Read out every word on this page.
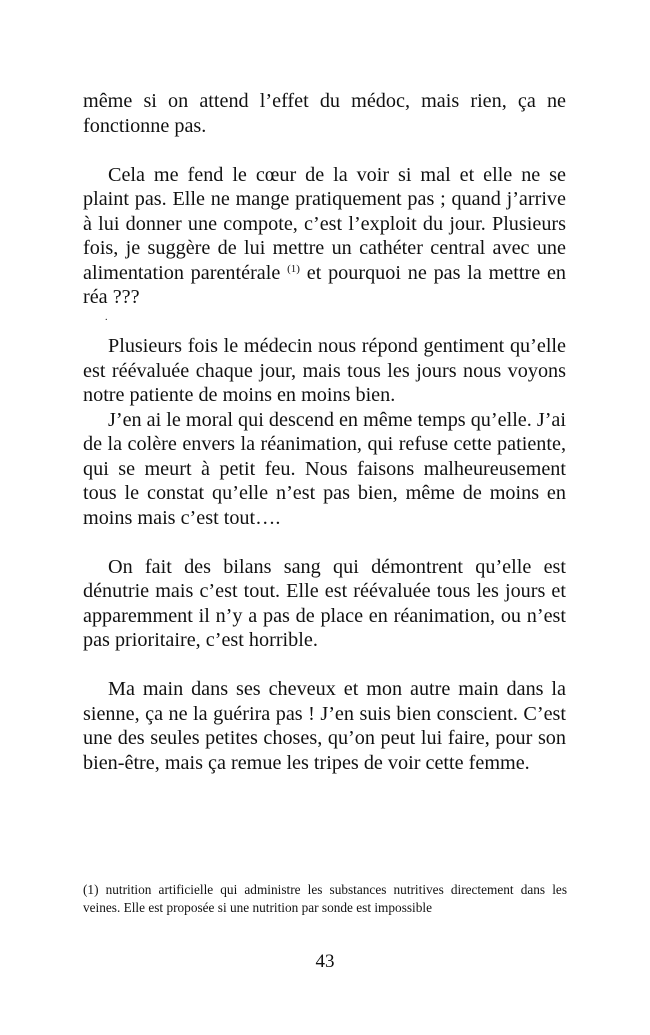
même si on attend l’effet du médoc, mais rien, ça ne fonctionne pas.

Cela me fend le cœur de la voir si mal et elle ne se plaint pas. Elle ne mange pratiquement pas ; quand j’arrive à lui donner une compote, c’est l’exploit du jour. Plusieurs fois, je suggère de lui mettre un cathéter central avec une alimentation parentérale $^{(1)}$ et pourquoi ne pas la mettre en réa ???

.

Plusieurs fois le médecin nous répond gentiment qu’elle est réévaluée chaque jour, mais tous les jours nous voyons notre patiente de moins en moins bien.

J’en ai le moral qui descend en même temps qu’elle. J’ai de la colère envers la réanimation, qui refuse cette patiente, qui se meurt à petit feu. Nous faisons malheureusement tous le constat qu’elle n’est pas bien, même de moins en moins mais c’est tout….

On fait des bilans sang qui démontrent qu’elle est dénutrie mais c’est tout. Elle est réévaluée tous les jours et apparemment il n’y a pas de place en réanimation, ou n’est pas prioritaire, c’est horrible.

Ma main dans ses cheveux et mon autre main dans la sienne, ça ne la guérira pas ! J’en suis bien conscient. C’est une des seules petites choses, qu’on peut lui faire, pour son bien-être, mais ça remue les tripes de voir cette femme.

(1) nutrition artificielle qui administre les substances nutritives directement dans les veines. Elle est proposée si une nutrition par sonde est impossible
43
